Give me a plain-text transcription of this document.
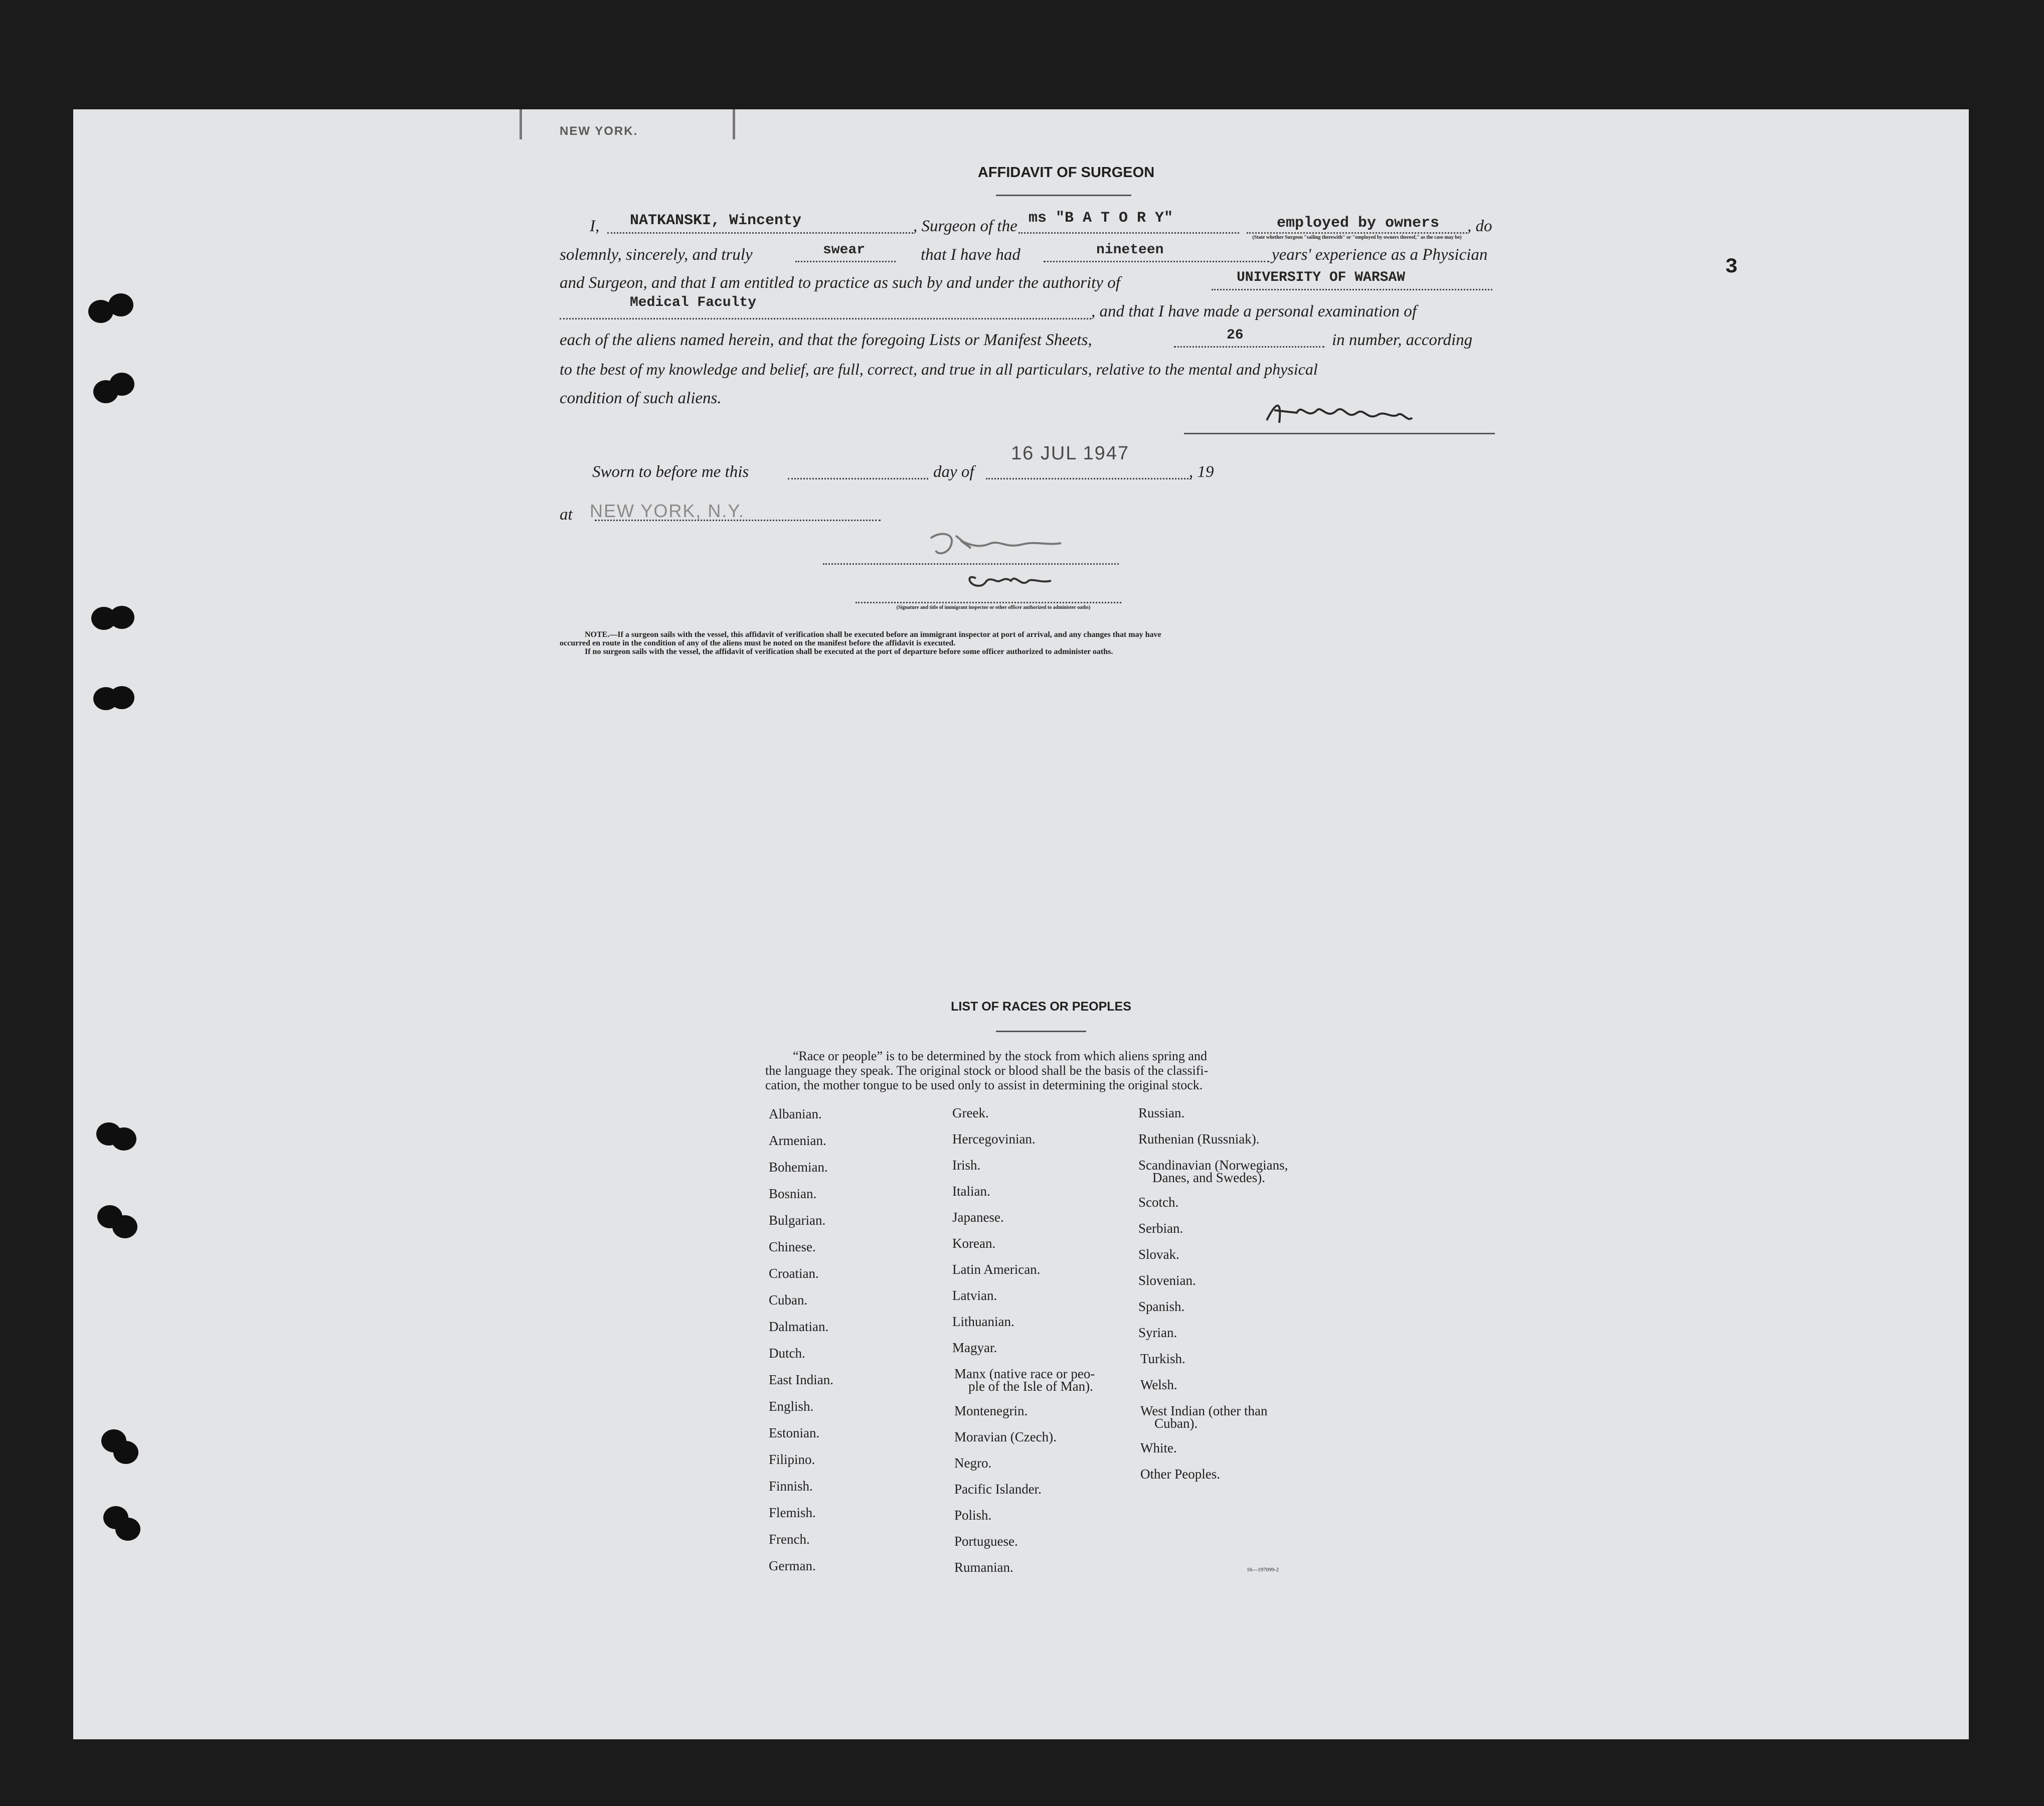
NEW YORK.
3
AFFIDAVIT OF SURGEON
I, NATKANSKI, Wincenty	, Surgeon of the ms "B A T O R Y"	employed by owners , do
(State whether Surgeon "sailing therewith" or "employed by owners thereof," as the case may be)
solemnly, sincerely, and truly	swear	that I have had	nineteen	years' experience as a Physician
and Surgeon, and that I am entitled to practice as such by and under the authority of	UNIVERSITY OF WARSAW
Medical Faculty	, and that I have made a personal examination of
each of the aliens named herein, and that the foregoing Lists or Manifest Sheets,	26	in number, according
to the best of my knowledge and belief, are full, correct, and true in all particulars, relative to the mental and physical
condition of such aliens.
Sworn to before me this	day of
16 JUL 1947
, 19
at NEW YORK, N.Y.
(Signature and title of immigrant inspector or other officer authorized to administer oaths)
NOTE.—If a surgeon sails with the vessel, this affidavit of verification shall be executed before an immigrant inspector at port of arrival, and any changes that may have
occurred en route in the condition of any of the aliens must be noted on the manifest before the affidavit is executed.
If no surgeon sails with the vessel, the affidavit of verification shall be executed at the port of departure before some officer authorized to administer oaths.
LIST OF RACES OR PEOPLES
“Race or people” is to be determined by the stock from which aliens spring and
the language they speak. The original stock or blood shall be the basis of the classifi-
cation, the mother tongue to be used only to assist in determining the original stock.
Albanian.
Armenian.
Bohemian.
Bosnian.
Bulgarian.
Chinese.
Croatian.
Cuban.
Dalmatian.
Dutch.
East Indian.
English.
Estonian.
Filipino.
Finnish.
Flemish.
French.
German.
Greek.
Hercegovinian.
Irish.
Italian.
Japanese.
Korean.
Latin American.
Latvian.
Lithuanian.
Magyar.
Manx (native race or peo-
ple of the Isle of Man).
Montenegrin.
Moravian (Czech).
Negro.
Pacific Islander.
Polish.
Portuguese.
Rumanian.
Russian.
Ruthenian (Russniak).
Scandinavian (Norwegians,
Danes, and Swedes).
Scotch.
Serbian.
Slovak.
Slovenian.
Spanish.
Syrian.
Turkish.
Welsh.
West Indian (other than
Cuban).
White.
Other Peoples.
16—197099-2
